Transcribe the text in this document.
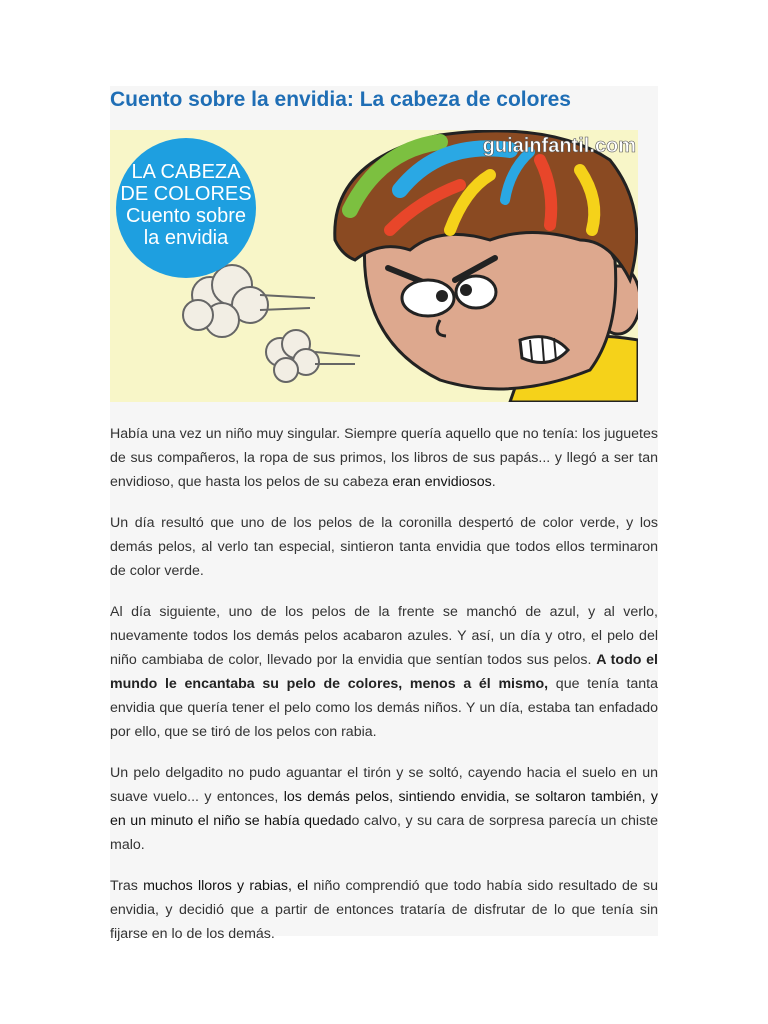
Cuento sobre la envidia: La cabeza de colores
LA CABEZA
DE COLORES
Cuento sobre
la envidia
guiainfantil.com

Había una vez un niño muy singular. Siempre quería aquello que no tenía: los juguetes de sus compañeros, la ropa de sus primos, los libros de sus papás... y llegó a ser tan envidioso, que hasta los pelos de su cabeza eran envidiosos.

Un día resultó que uno de los pelos de la coronilla despertó de color verde, y los demás pelos, al verlo tan especial, sintieron tanta envidia que todos ellos terminaron de color verde.

Al día siguiente, uno de los pelos de la frente se manchó de azul, y al verlo, nuevamente todos los demás pelos acabaron azules. Y así, un día y otro, el pelo del niño cambiaba de color, llevado por la envidia que sentían todos sus pelos. A todo el mundo le encantaba su pelo de colores, menos a él mismo, que tenía tanta envidia que quería tener el pelo como los demás niños. Y un día, estaba tan enfadado por ello, que se tiró de los pelos con rabia.

Un pelo delgadito no pudo aguantar el tirón y se soltó, cayendo hacia el suelo en un suave vuelo... y entonces, los demás pelos, sintiendo envidia, se soltaron también, y en un minuto el niño se había quedado calvo, y su cara de sorpresa parecía un chiste malo.

Tras muchos lloros y rabias, el niño comprendió que todo había sido resultado de su envidia, y decidió que a partir de entonces trataría de disfrutar de lo que tenía sin fijarse en lo de los demás.
